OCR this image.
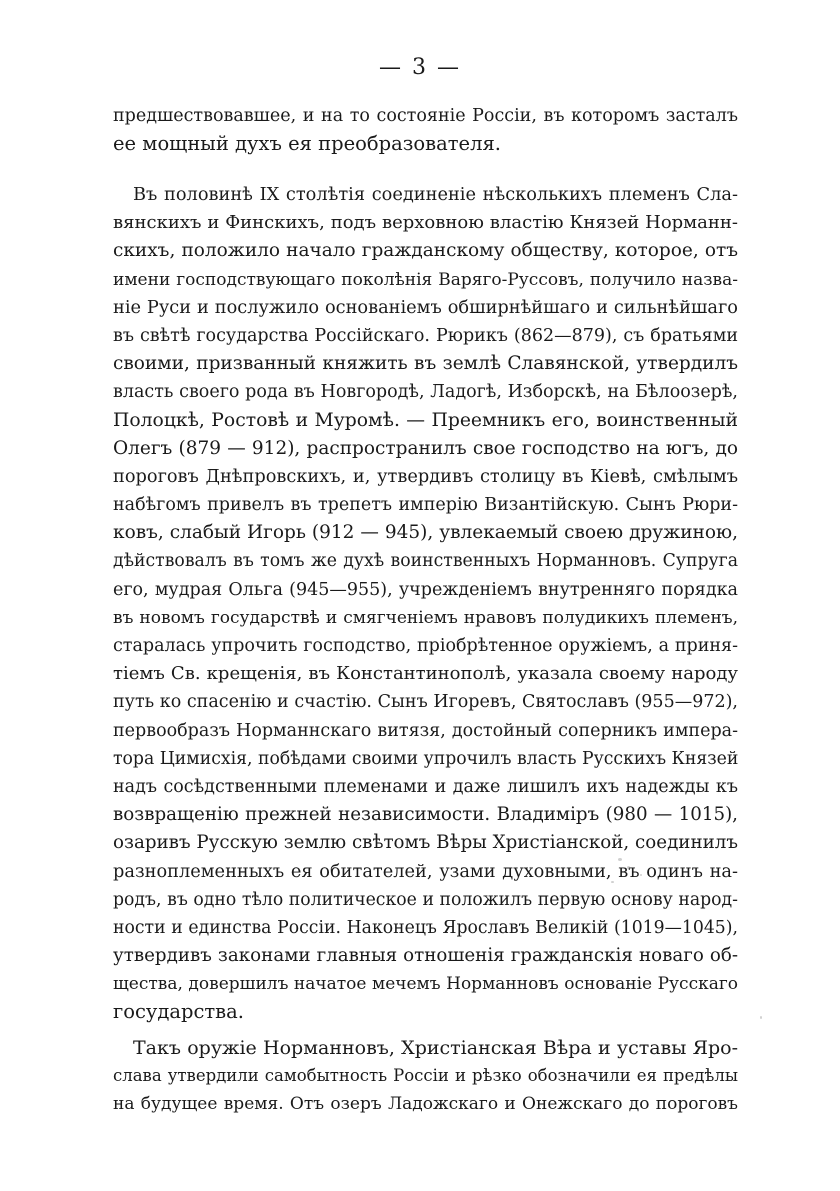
— 3 —
предшествовавшее, и на то состояніе Россіи, въ которомъ засталъ
ее мощный духъ ея преобразователя.
Въ половинѣ IX столѣтія соединеніе нѣсколькихъ племенъ Сла-
вянскихъ и Финскихъ, подъ верховною властію Князей Норманн-
скихъ, положило начало гражданскому обществу, которое, отъ
имени господствующаго поколѣнія Варяго-Руссовъ, получило назва-
ніе Руси и послужило основаніемъ обширнѣйшаго и сильнѣйшаго
въ свѣтѣ государства Россійскаго. Рюрикъ (862—879), съ братьями
своими, призванный княжить въ землѣ Славянской, утвердилъ
власть своего рода въ Новгородѣ, Ладогѣ, Изборскѣ, на Бѣлоозерѣ,
Полоцкѣ, Ростовѣ и Муромѣ. — Преемникъ его, воинственный
Олегъ (879 — 912), распространилъ свое господство на югъ, до
пороговъ Днѣпровскихъ, и, утвердивъ столицу въ Кіевѣ, смѣлымъ
набѣгомъ привелъ въ трепетъ имперію Византійскую. Сынъ Рюри-
ковъ, слабый Игорь (912 — 945), увлекаемый своею дружиною,
дѣйствовалъ въ томъ же духѣ воинственныхъ Норманновъ. Супруга
его, мудрая Ольга (945—955), учрежденіемъ внутренняго порядка
въ новомъ государствѣ и смягченіемъ нравовъ полудикихъ племенъ,
старалась упрочить господство, пріобрѣтенное оружіемъ, а приня-
тіемъ Св. крещенія, въ Константинополѣ, указала своему народу
путь ко спасенію и счастію. Сынъ Игоревъ, Святославъ (955—972),
первообразъ Норманнскаго витязя, достойный соперникъ импера-
тора Цимисхія, побѣдами своими упрочилъ власть Русскихъ Князей
надъ сосѣдственными племенами и даже лишилъ ихъ надежды къ
возвращенію прежней независимости. Владиміръ (980 — 1015),
озаривъ Русскую землю свѣтомъ Вѣры Христіанской, соединилъ
разноплеменныхъ ея обитателей, узами духовными, въ одинъ на-
родъ, въ одно тѣло политическое и положилъ первую основу народ-
ности и единства Россіи. Наконецъ Ярославъ Великій (1019—1045),
утвердивъ законами главныя отношенія гражданскія новаго об-
щества, довершилъ начатое мечемъ Норманновъ основаніе Русскаго
государства.
Такъ оружіе Норманновъ, Христіанская Вѣра и уставы Яро-
слава утвердили самобытность Россіи и рѣзко обозначили ея предѣлы
на будущее время. Отъ озеръ Ладожскаго и Онежскаго до пороговъ
